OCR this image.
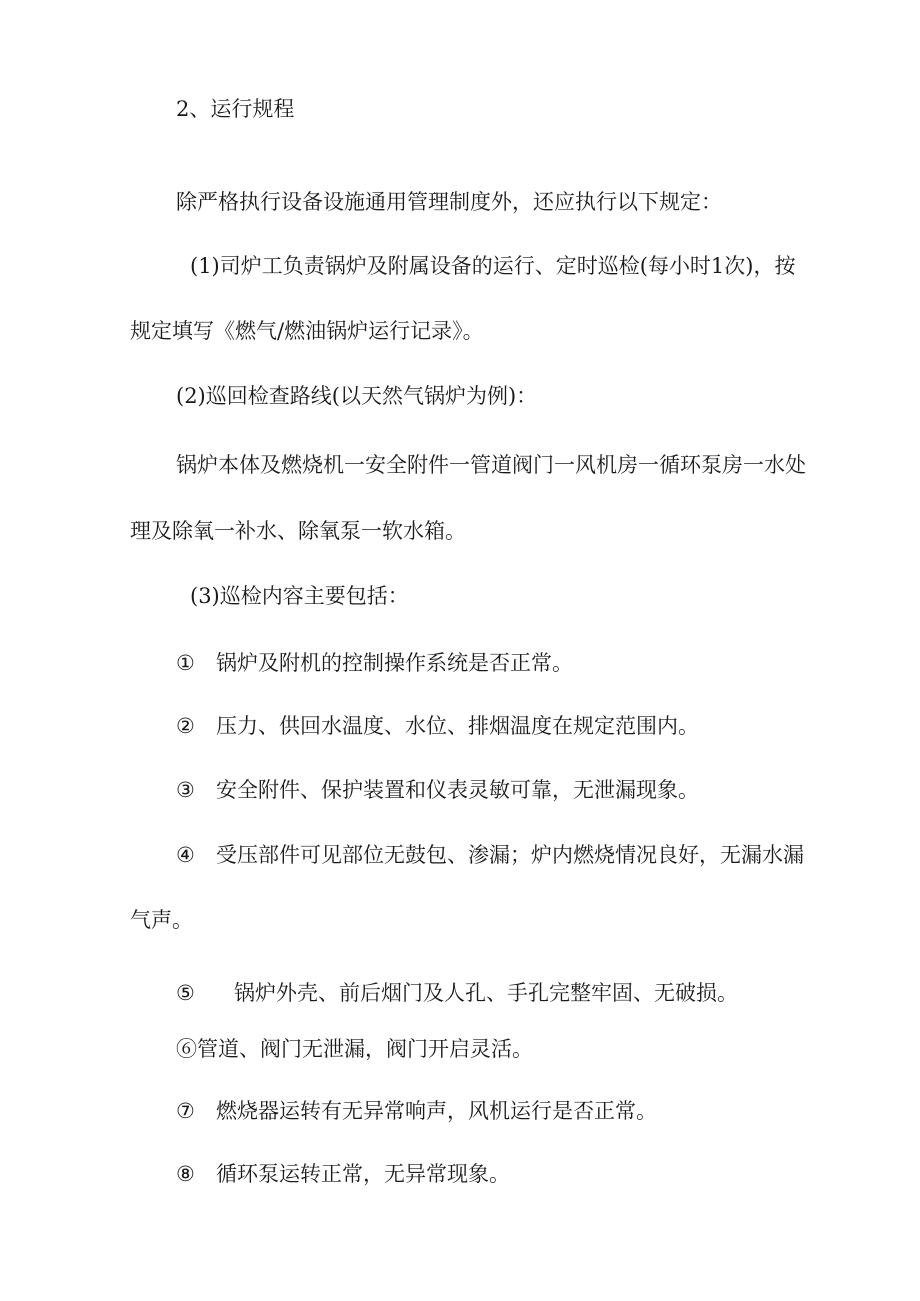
2、运行规程
除严格执行设备设施通用管理制度外，还应执行以下规定：
(1)司炉工负责锅炉及附属设备的运行、定时巡检(每小时1次)，按
规定填写《燃气/燃油锅炉运行记录》。
(2)巡回检查路线(以天然气锅炉为例)：
锅炉本体及燃烧机一安全附件一管道阀门一风机房一循环泵房一水处
理及除氧一补水、除氧泵一软水箱。
(3)巡检内容主要包括：
① 锅炉及附机的控制操作系统是否正常。
② 压力、供回水温度、水位、排烟温度在规定范围内。
③ 安全附件、保护装置和仪表灵敏可靠，无泄漏现象。
④ 受压部件可见部位无鼓包、渗漏；炉内燃烧情况良好，无漏水漏
气声。
⑤ 锅炉外壳、前后烟门及人孔、手孔完整牢固、无破损。
⑥管道、阀门无泄漏，阀门开启灵活。
⑦ 燃烧器运转有无异常响声，风机运行是否正常。
⑧ 循环泵运转正常，无异常现象。
